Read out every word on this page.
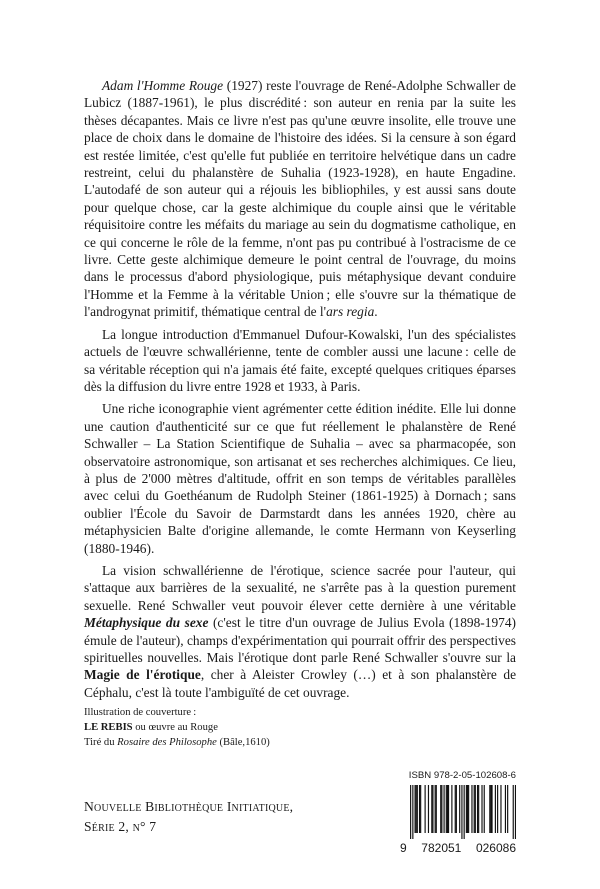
Adam l'Homme Rouge (1927) reste l'ouvrage de René-Adolphe Schwaller de Lubicz (1887-1961), le plus discrédité : son auteur en renia par la suite les thèses décapantes. Mais ce livre n'est pas qu'une œuvre insolite, elle trouve une place de choix dans le domaine de l'histoire des idées. Si la censure à son égard est restée limitée, c'est qu'elle fut publiée en territoire helvétique dans un cadre restreint, celui du phalanstère de Suhalia (1923-1928), en haute Engadine. L'autodafé de son auteur qui a réjouis les bibliophiles, y est aussi sans doute pour quelque chose, car la geste alchimique du couple ainsi que le véritable réquisitoire contre les méfaits du mariage au sein du dogmatisme catholique, en ce qui concerne le rôle de la femme, n'ont pas pu contribué à l'ostracisme de ce livre. Cette geste alchimique demeure le point central de l'ouvrage, du moins dans le processus d'abord physiologique, puis métaphysique devant conduire l'Homme et la Femme à la véritable Union ; elle s'ouvre sur la thématique de l'androgynat primitif, thématique central de l'ars regia.

La longue introduction d'Emmanuel Dufour-Kowalski, l'un des spécialistes actuels de l'œuvre schwallérienne, tente de combler aussi une lacune : celle de sa véritable réception qui n'a jamais été faite, excepté quelques critiques éparses dès la diffusion du livre entre 1928 et 1933, à Paris.

Une riche iconographie vient agrémenter cette édition inédite. Elle lui donne une caution d'authenticité sur ce que fut réellement le phalanstère de René Schwaller – La Station Scientifique de Suhalia – avec sa pharmacopée, son observatoire astronomique, son artisanat et ses recherches alchimiques. Ce lieu, à plus de 2'000 mètres d'altitude, offrit en son temps de véritables parallèles avec celui du Goethéanum de Rudolph Steiner (1861-1925) à Dornach ; sans oublier l'École du Savoir de Darmstardt dans les années 1920, chère au métaphysicien Balte d'origine allemande, le comte Hermann von Keyserling (1880-1946).

La vision schwallérienne de l'érotique, science sacrée pour l'auteur, qui s'attaque aux barrières de la sexualité, ne s'arrête pas à la question purement sexuelle. René Schwaller veut pouvoir élever cette dernière à une véritable Métaphysique du sexe (c'est le titre d'un ouvrage de Julius Evola (1898-1974) émule de l'auteur), champs d'expérimentation qui pourrait offrir des perspectives spirituelles nouvelles. Mais l'érotique dont parle René Schwaller s'ouvre sur la Magie de l'érotique, cher à Aleister Crowley (…) et à son phalanstère de Céphalu, c'est là toute l'ambiguïté de cet ouvrage.

Illustration de couverture :
LE REBIS ou œuvre au Rouge
Tiré du Rosaire des Philosophe (Bâle,1610)
Nouvelle Bibliothèque Initiatique,
Série 2, n° 7
ISBN 978-2-05-102608-6
9 782051 026086
